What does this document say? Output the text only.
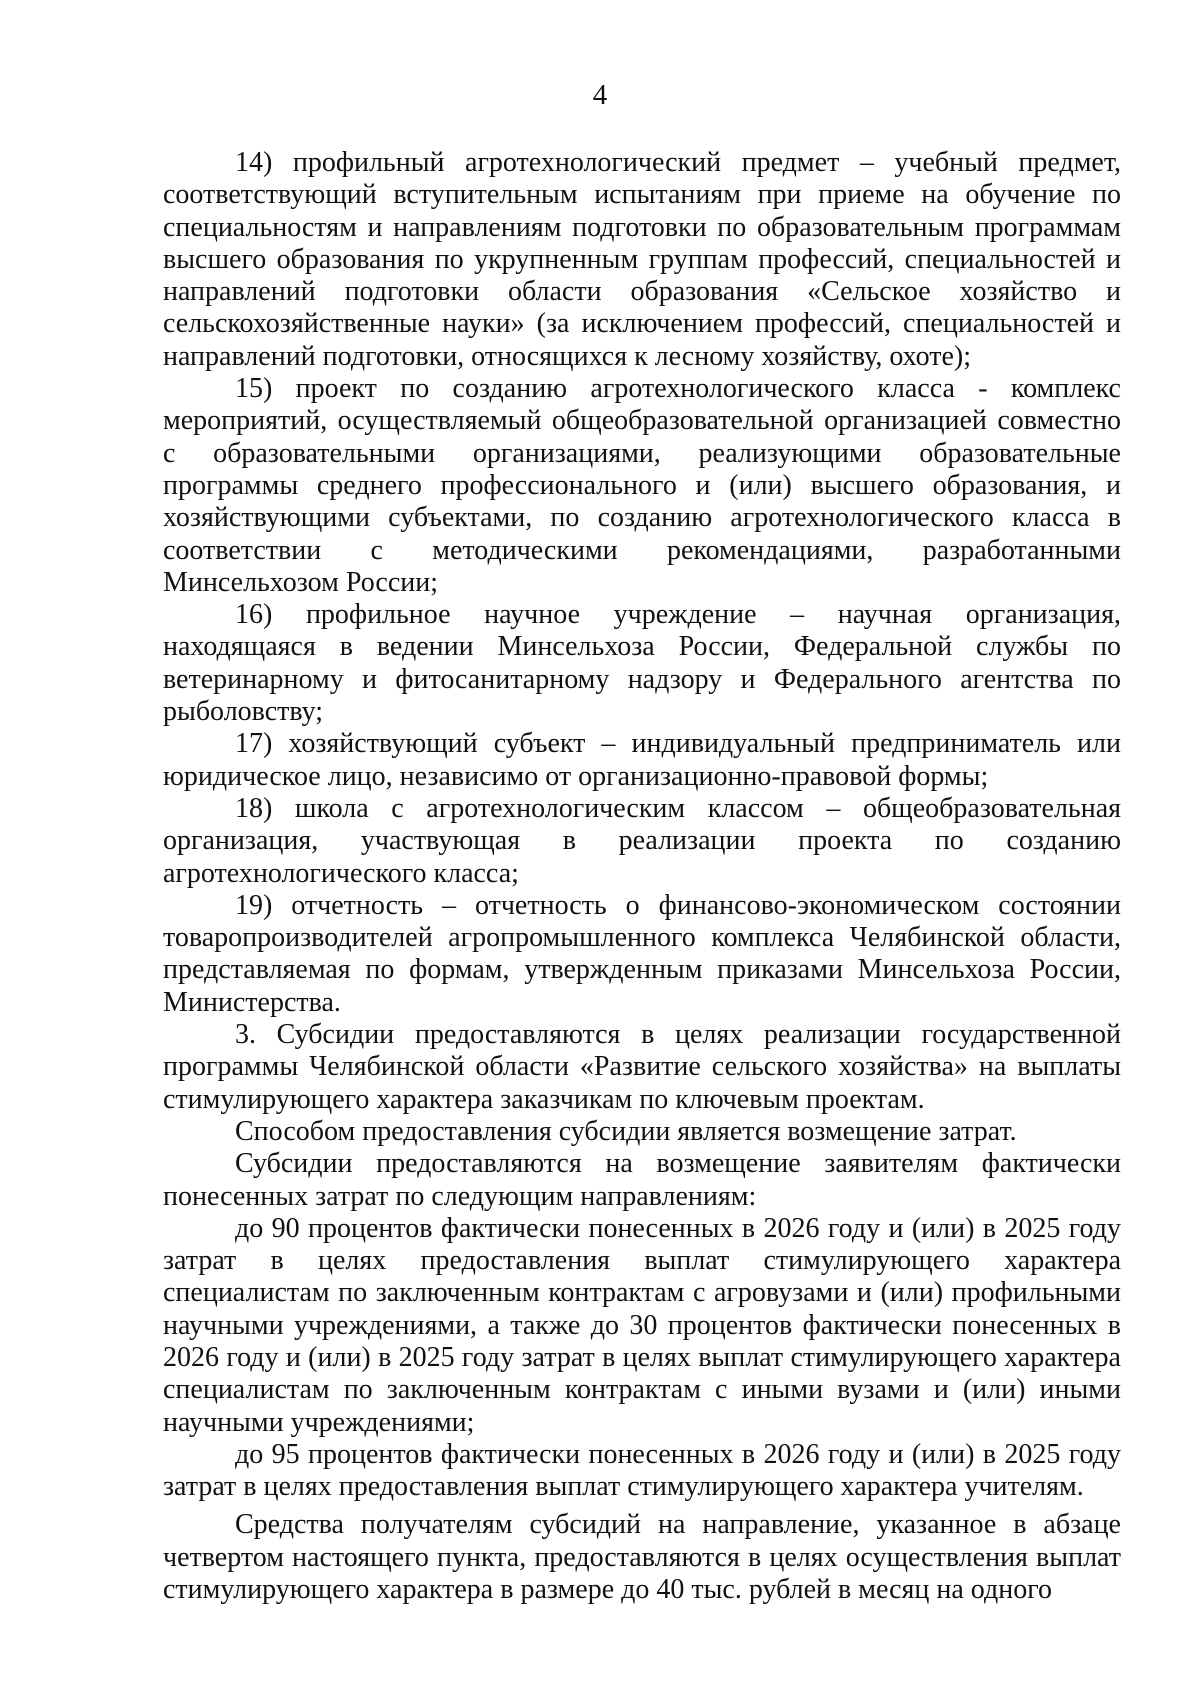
4

14) профильный агротехнологический предмет – учебный предмет, соответствующий вступительным испытаниям при приеме на обучение по специальностям и направлениям подготовки по образовательным программам высшего образования по укрупненным группам профессий, специальностей и направлений подготовки области образования «Сельское хозяйство и сельскохозяйственные науки» (за исключением профессий, специальностей и направлений подготовки, относящихся к лесному хозяйству, охоте);

15) проект по созданию агротехнологического класса - комплекс мероприятий, осуществляемый общеобразовательной организацией совместно с образовательными организациями, реализующими образовательные программы среднего профессионального и (или) высшего образования, и хозяйствующими субъектами, по созданию агротехнологического класса в соответствии с методическими рекомендациями, разработанными Минсельхозом России;

16) профильное научное учреждение – научная организация, находящаяся в ведении Минсельхоза России, Федеральной службы по ветеринарному и фитосанитарному надзору и Федерального агентства по рыболовству;

17) хозяйствующий субъект – индивидуальный предприниматель или юридическое лицо, независимо от организационно-правовой формы;

18) школа с агротехнологическим классом – общеобразовательная организация, участвующая в реализации проекта по созданию агротехнологического класса;

19) отчетность – отчетность о финансово-экономическом состоянии товаропроизводителей агропромышленного комплекса Челябинской области, представляемая по формам, утвержденным приказами Минсельхоза России, Министерства.

3. Субсидии предоставляются в целях реализации государственной программы Челябинской области «Развитие сельского хозяйства» на выплаты стимулирующего характера заказчикам по ключевым проектам.

Способом предоставления субсидии является возмещение затрат.

Субсидии предоставляются на возмещение заявителям фактически понесенных затрат по следующим направлениям:

до 90 процентов фактически понесенных в 2026 году и (или) в 2025 году затрат в целях предоставления выплат стимулирующего характера специалистам по заключенным контрактам с агровузами и (или) профильными научными учреждениями, а также до 30 процентов фактически понесенных в 2026 году и (или) в 2025 году затрат в целях выплат стимулирующего характера специалистам по заключенным контрактам с иными вузами и (или) иными научными учреждениями;

до 95 процентов фактически понесенных в 2026 году и (или) в 2025 году затрат в целях предоставления выплат стимулирующего характера учителям.

Средства получателям субсидий на направление, указанное в абзаце четвертом настоящего пункта, предоставляются в целях осуществления выплат стимулирующего характера в размере до 40 тыс. рублей в месяц на одного
